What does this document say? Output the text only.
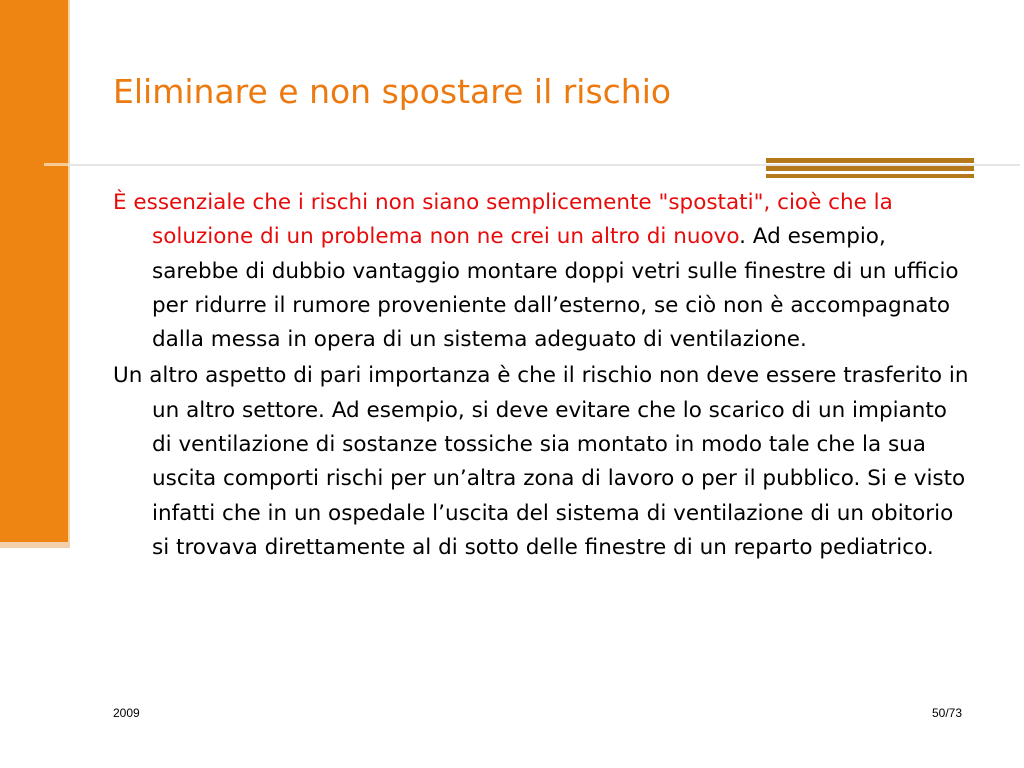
Eliminare e non spostare il rischio

È essenziale che i rischi non siano semplicemente "spostati", cioè che la soluzione di un problema non ne crei un altro di nuovo. Ad esempio, sarebbe di dubbio vantaggio montare doppi vetri sulle finestre di un ufficio per ridurre il rumore proveniente dall’esterno, se ciò non è accompagnato dalla messa in opera di un sistema adeguato di ventilazione.

Un altro aspetto di pari importanza è che il rischio non deve essere trasferito in un altro settore. Ad esempio, si deve evitare che lo scarico di un impianto di ventilazione di sostanze tossiche sia montato in modo tale che la sua uscita comporti rischi per un’altra zona di lavoro o per il pubblico. Si e visto infatti che in un ospedale l’uscita del sistema di ventilazione di un obitorio si trovava direttamente al di sotto delle finestre di un reparto pediatrico.

2009	50/73
